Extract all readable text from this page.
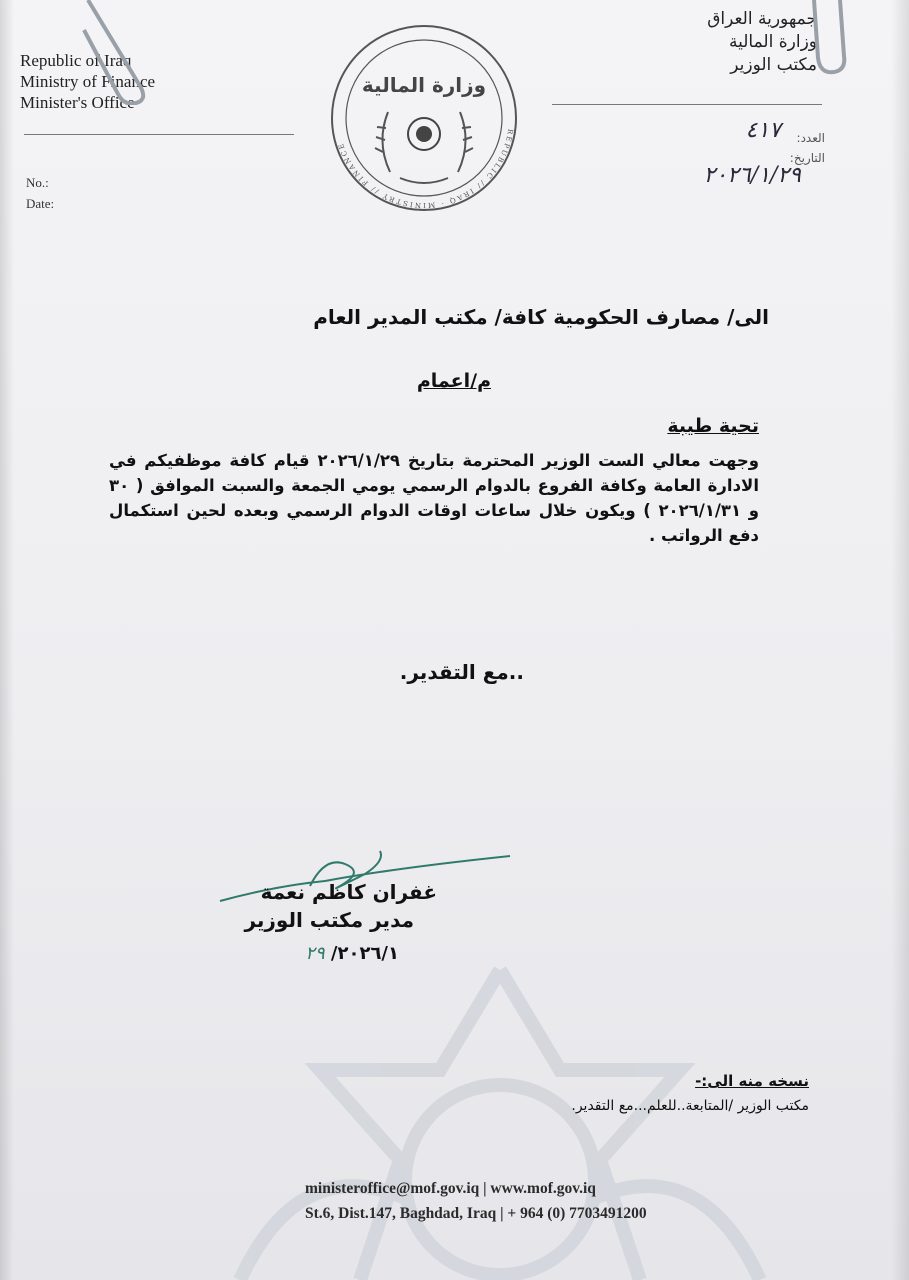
Republic of Iraq
Ministry of Finance
Minister's Office
جمهورية العراق
وزارة المالية
مكتب الوزير
REPUBLIC // IRAQ · MINISTRY // FINANCE
وزارة المالية
No.:
Date:
العدد:
التاريخ:
٤١٧
٢٠٢٦/١/٢٩
الى/ مصارف الحكومية كافة/ مكتب المدير العام
م/اعمام
تحية طيبة
وجهت معالي الست الوزير المحترمة بتاريخ ٢٠٢٦/١/٢٩ قيام كافة موظفيكم في الادارة العامة وكافة الفروع بالدوام الرسمي يومي الجمعة والسبت الموافق ( ٣٠ و ٢٠٢٦/١/٣١ ) ويكون خلال ساعات اوقات الدوام الرسمي وبعده لحين استكمال دفع الرواتب .
..مع التقدير.
غفران كاظم نعمة
مدير مكتب الوزير
٢٠٢٦/١/ ٢٩
نسخه منه الى:-
مكتب الوزير /المتابعة..للعلم...مع التقدير.
ministeroffice@mof.gov.iq | www.mof.gov.iq
St.6, Dist.147, Baghdad, Iraq | + 964 (0) 7703491200
